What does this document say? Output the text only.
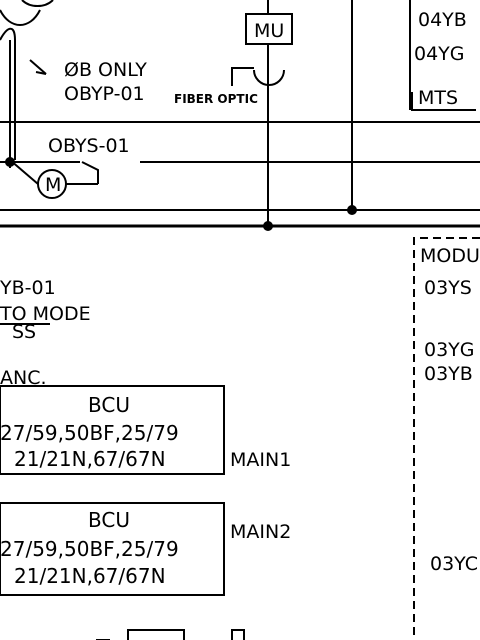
MU
ØB ONLY
OBYP-01 FIBER OPTIC
OBYS-01
M
04YB
04YG
MTS
MODU
03YS
03YG
03YB
03YC
YB-01
TO MODE
SS
ANC.
MAIN1
MAIN2
BCU
27/59,50BF,25/79
21/21N,67/67N
BCU
27/59,50BF,25/79
21/21N,67/67N
